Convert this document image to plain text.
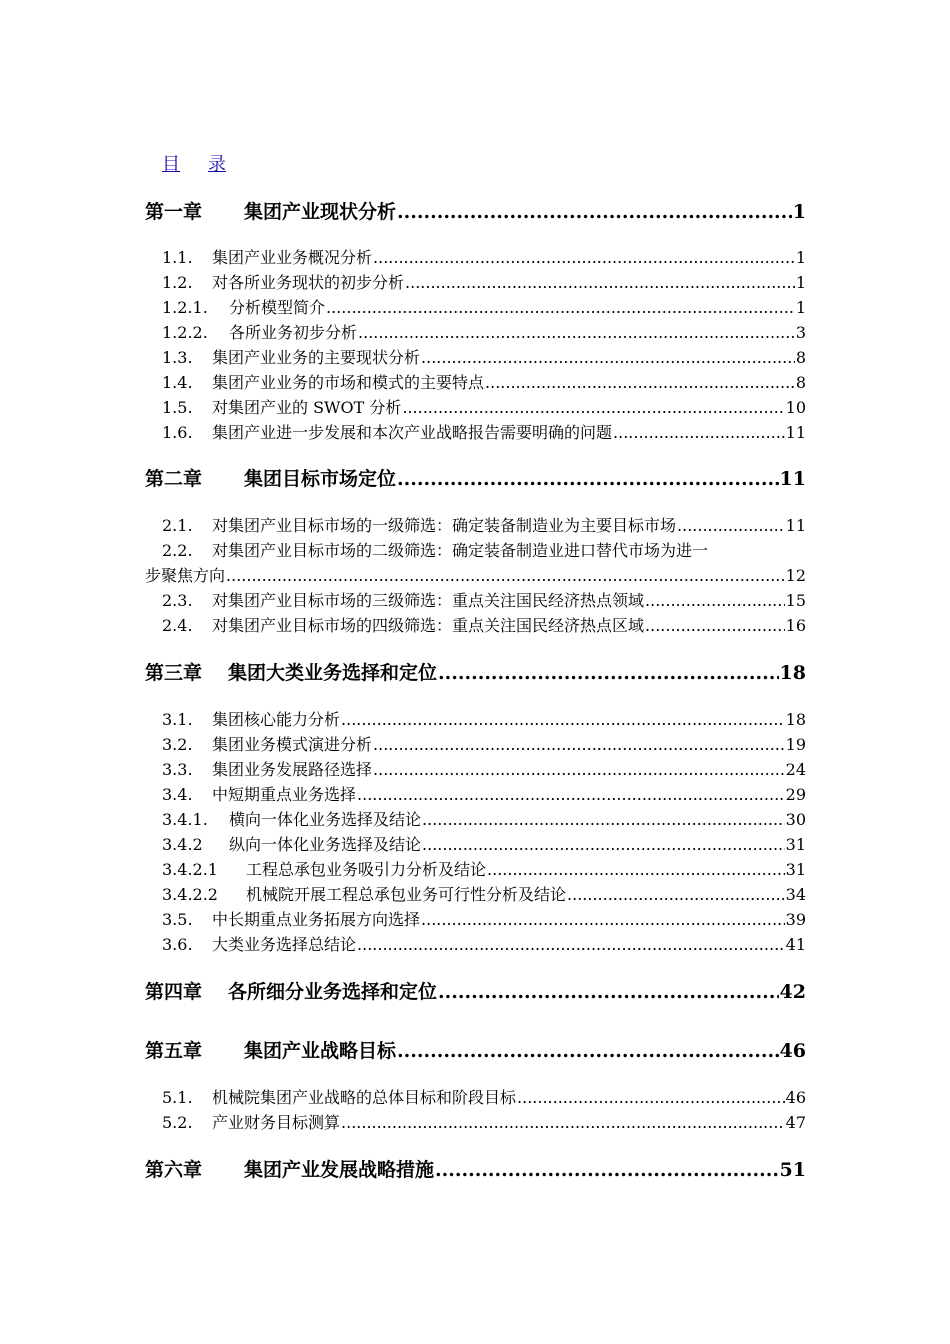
目 录
第一章	集团产业现状分析 .....	1
1.1.	集团产业业务概况分析 .....	1
1.2.	对各所业务现状的初步分析 .....	1
1.2.1.	分析模型简介 .....	1
1.2.2.	各所业务初步分析 .....	3
1.3.	集团产业业务的主要现状分析 .....	8
1.4.	集团产业业务的市场和模式的主要特点 .....	8
1.5.	对集团产业的 SWOT 分析 .....	10
1.6.	集团产业进一步发展和本次产业战略报告需要明确的问题 .....	11
第二章	集团目标市场定位 .....	11
2.1.	对集团产业目标市场的一级筛选：确定装备制造业为主要目标市场 .....	11
2.2. 对集团产业目标市场的二级筛选：确定装备制造业进口替代市场为进一
步聚焦方向 .....	12
2.3.	对集团产业目标市场的三级筛选：重点关注国民经济热点领域 .....	15
2.4.	对集团产业目标市场的四级筛选：重点关注国民经济热点区域 .....	16
第三章	集团大类业务选择和定位 .....	18
3.1.	集团核心能力分析 .....	18
3.2.	集团业务模式演进分析 .....	19
3.3.	集团业务发展路径选择 .....	24
3.4.	中短期重点业务选择 .....	29
3.4.1.	横向一体化业务选择及结论 .....	30
3.4.2	纵向一体化业务选择及结论 .....	31
3.4.2.1	工程总承包业务吸引力分析及结论 .....	31
3.4.2.2	机械院开展工程总承包业务可行性分析及结论 .....	34
3.5.	中长期重点业务拓展方向选择 .....	39
3.6.	大类业务选择总结论 .....	41
第四章	各所细分业务选择和定位 .....	42
第五章	集团产业战略目标 .....	46
5.1.	机械院集团产业战略的总体目标和阶段目标 .....	46
5.2.	产业财务目标测算 .....	47
第六章	集团产业发展战略措施 .....	51
